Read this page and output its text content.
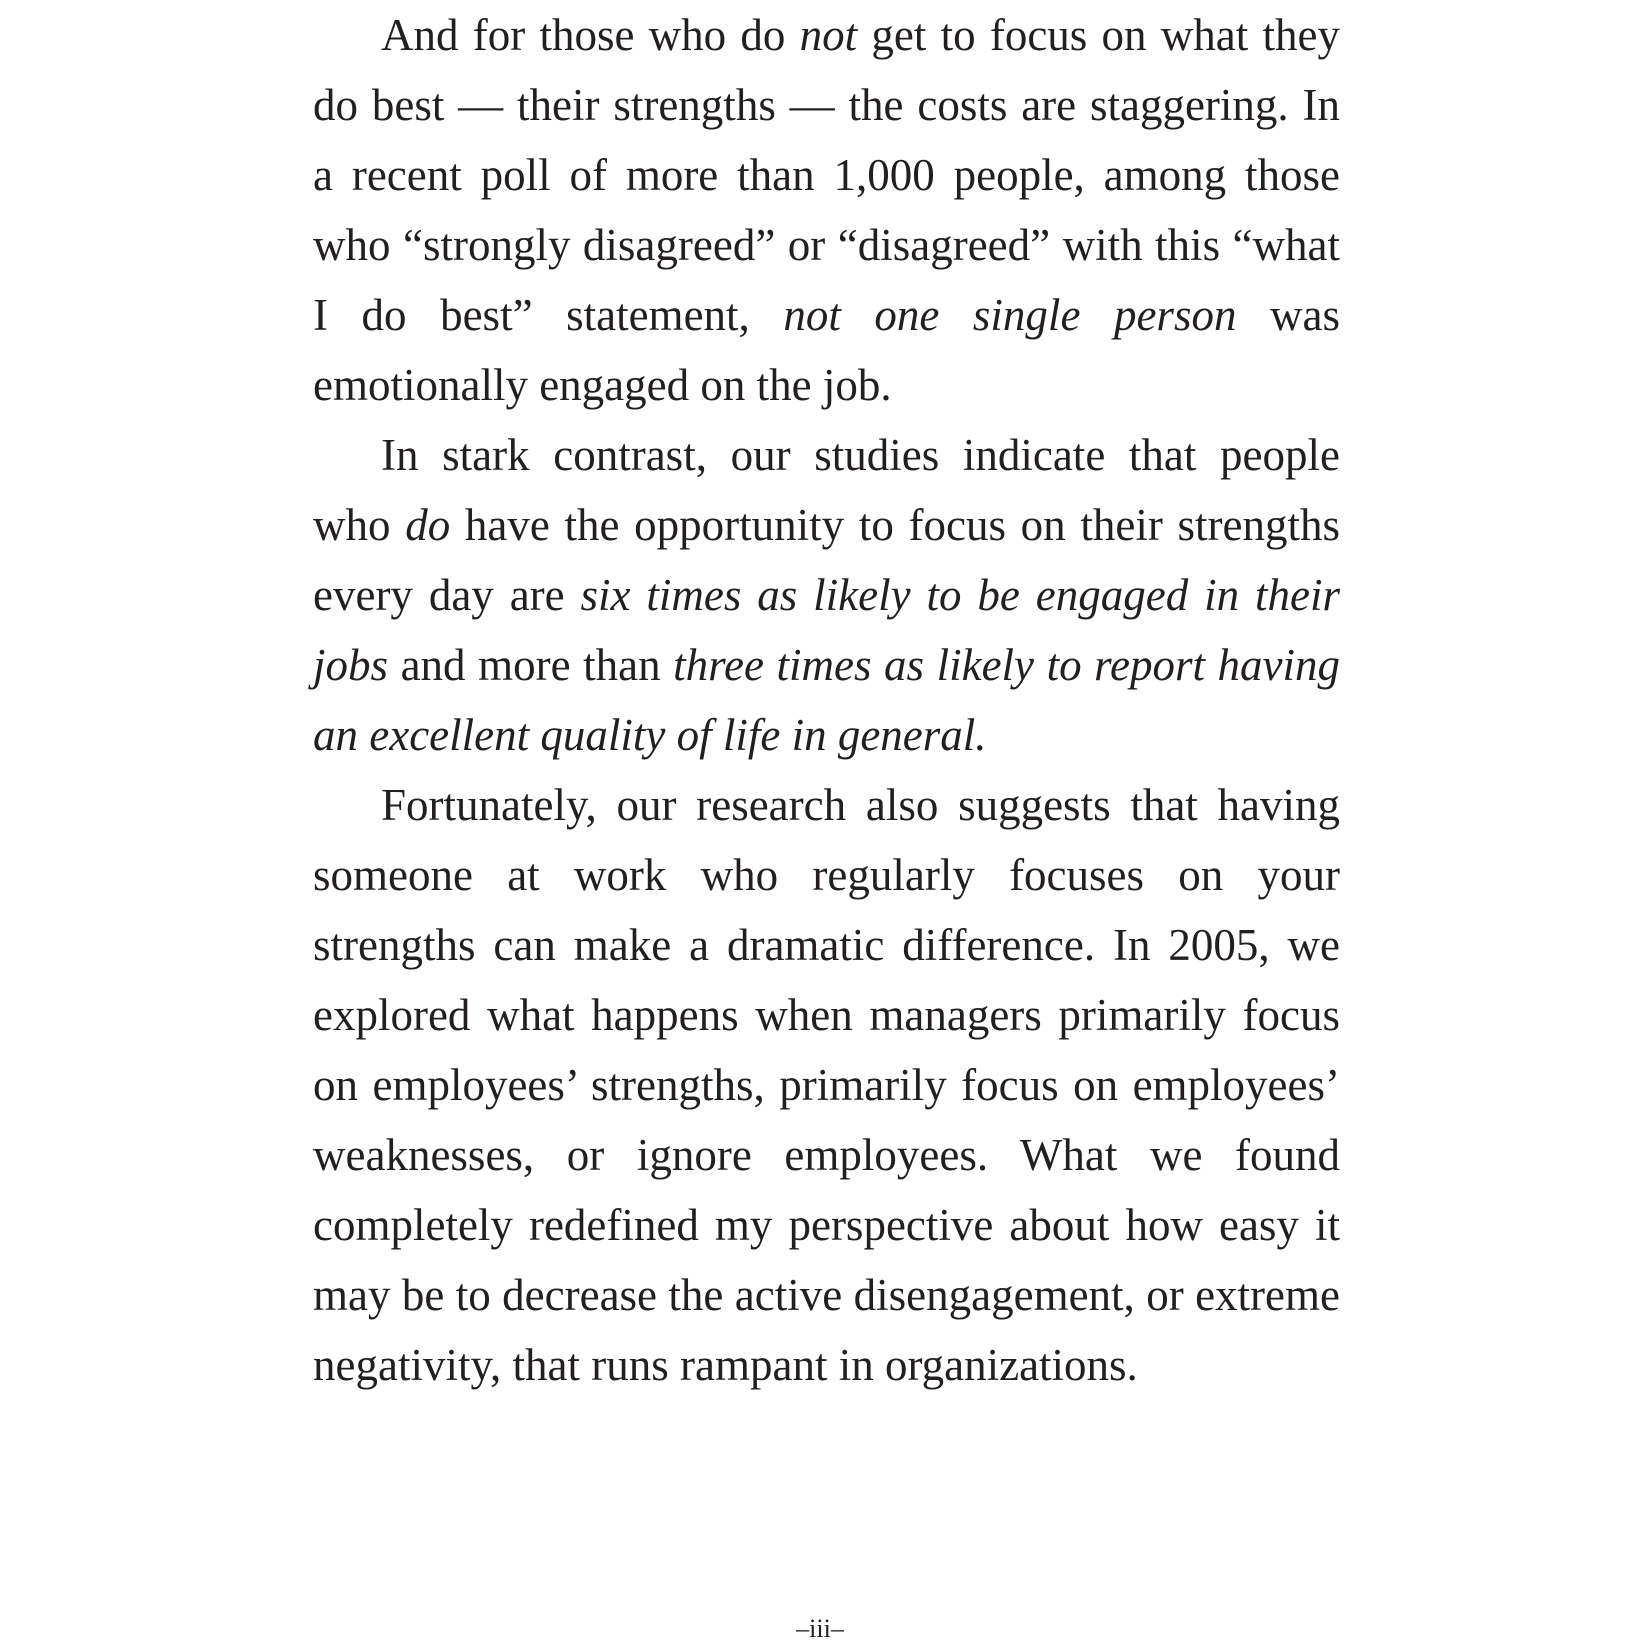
And for those who do not get to focus on what they do best — their strengths — the costs are staggering. In a recent poll of more than 1,000 people, among those who “strongly disagreed” or “disagreed” with this “what I do best” statement, not one single person was emotionally engaged on the job.

In stark contrast, our studies indicate that people who do have the opportunity to focus on their strengths every day are six times as likely to be engaged in their jobs and more than three times as likely to report having an excellent quality of life in general.

Fortunately, our research also suggests that having someone at work who regularly focuses on your strengths can make a dramatic difference. In 2005, we explored what happens when managers primarily focus on employees’ strengths, primarily focus on employees’ weaknesses, or ignore employees. What we found completely redefined my perspective about how easy it may be to decrease the active disengagement, or extreme negativity, that runs rampant in organizations.

–iii–
